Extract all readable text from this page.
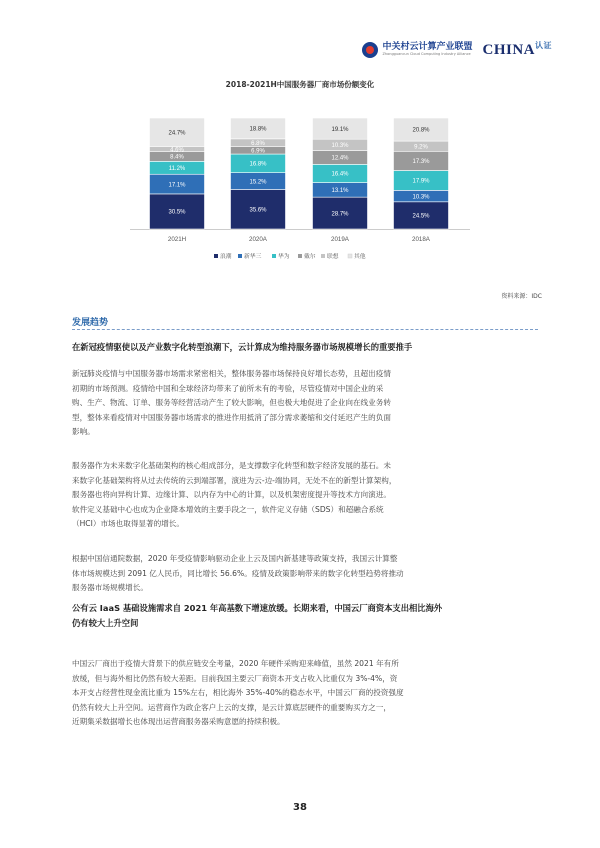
中关村云计算产业联盟
Zhongguancun Cloud Computing Industry Alliance $CHINA^{认证}$
2018-2021H中国服务器厂商市场份额变化
30.5%
17.1%
11.2%
8.4%
4.6%
24.7%
2021H
35.6%
15.2%
16.8%
6.9%
6.8%
18.8%
2020A
28.7%
13.1%
16.4%
12.4%
10.3%
19.1%
2019A
24.5%
10.3%
17.9%
17.3%
9.2%
20.8%
2018A
浪潮 新华三	华为 戴尔 联想	其他
资料来源：IDC
发展趋势
在新冠疫情驱使以及产业数字化转型浪潮下，云计算成为维持服务器市场规模增长的重要推手
新冠肺炎疫情与中国服务器市场需求紧密相关，整体服务器市场保持良好增长态势，且超出疫情
初期的市场预测。疫情给中国和全球经济均带来了前所未有的考验，尽管疫情对中国企业的采
购、生产、物流、订单、服务等经营活动产生了较大影响，但也极大地促进了企业向在线业务转
型，整体来看疫情对中国服务器市场需求的推进作用抵消了部分需求萎缩和交付延迟产生的负面
影响。
服务器作为未来数字化基础架构的核心组成部分，是支撑数字化转型和数字经济发展的基石。未
来数字化基础架构将从过去传统的云到端部署，演进为云-边-端协同，无处不在的新型计算架构，
服务器也将向异构计算、边缘计算、以内存为中心的计算，以及机架密度提升等技术方向演进。
软件定义基础中心也成为企业降本增效的主要手段之一，软件定义存储（SDS）和超融合系统
（HCI）市场也取得显著的增长。
根据中国信通院数据，2020 年受疫情影响驱动企业上云及国内新基建等政策支持，我国云计算整
体市场规模达到 2091 亿人民币，同比增长 56.6%。疫情及政策影响带来的数字化转型趋势将推动
服务器市场规模增长。
公有云 IaaS 基础设施需求自 2021 年高基数下增速放缓。长期来看，中国云厂商资本支出相比海外
仍有较大上升空间
中国云厂商出于疫情大背景下的供应链安全考量，2020 年硬件采购迎来峰值，虽然 2021 年有所
放缓，但与海外相比仍然有较大差距。目前我国主要云厂商资本开支占收入比重仅为 3%-4%，资
本开支占经营性现金流比重为 15%左右，相比海外 35%-40%的稳态水平，中国云厂商的投资强度
仍然有较大上升空间。运营商作为政企客户上云的支撑，是云计算底层硬件的重要购买方之一，
近期集采数据增长也体现出运营商服务器采购意愿的持续积极。
38
